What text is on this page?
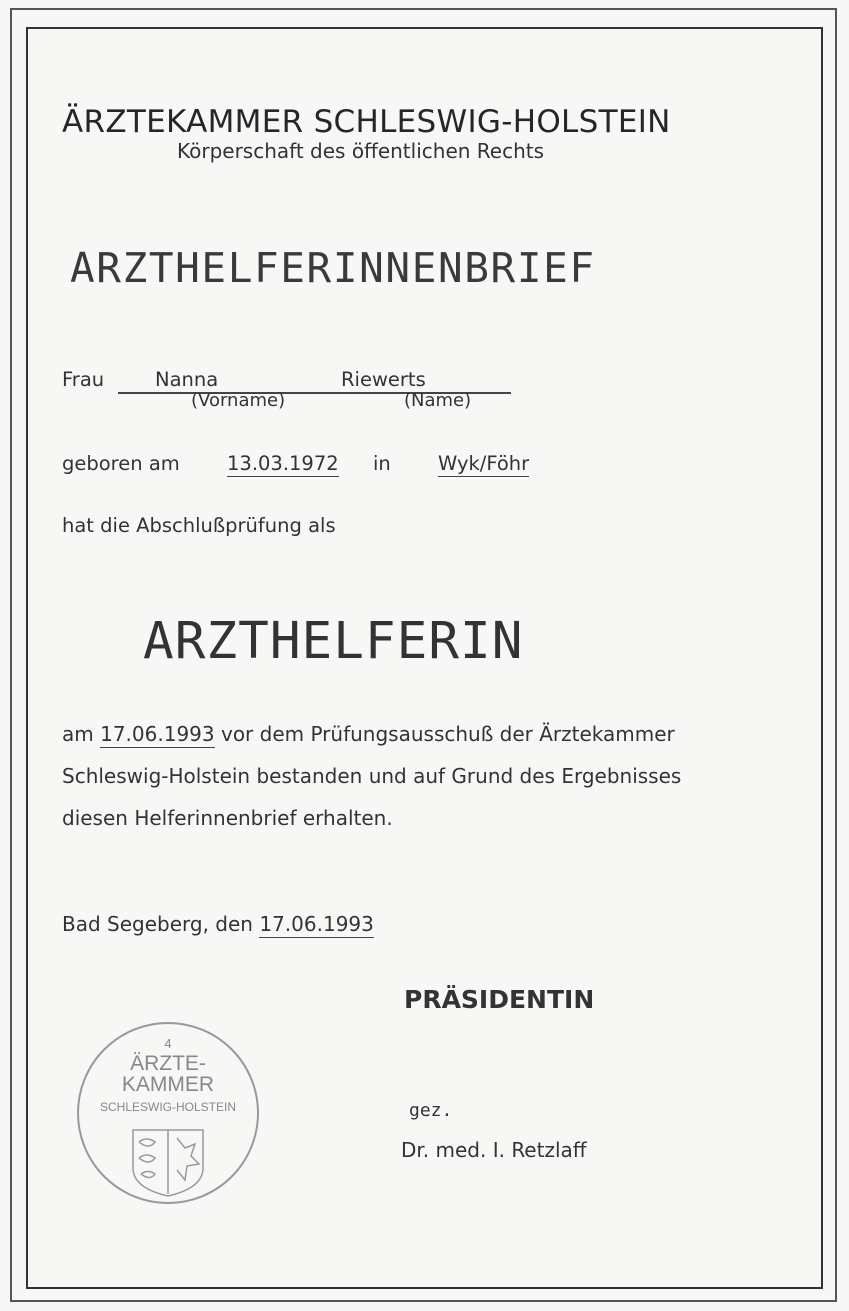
ÄRZTEKAMMER SCHLESWIG-HOLSTEIN
Körperschaft des öffentlichen Rechts
ARZTHELFERINNENBRIEF
Frau	Nanna	Riewerts
(Vorname)	(Name)
geboren am 13.03.1972 in Wyk/Föhr
hat die Abschlußprüfung als
ARZTHELFERIN
am 17.06.1993 vor dem Prüfungsausschuß der Ärztekammer
Schleswig-Holstein bestanden und auf Grund des Ergebnisses
diesen Helferinnenbrief erhalten.
Bad Segeberg, den 17.06.1993
PRÄSIDENTIN
4
ÄRZTE-
KAMMER
SCHLESWIG-HOLSTEIN	gez.
Dr. med. I. Retzlaff
